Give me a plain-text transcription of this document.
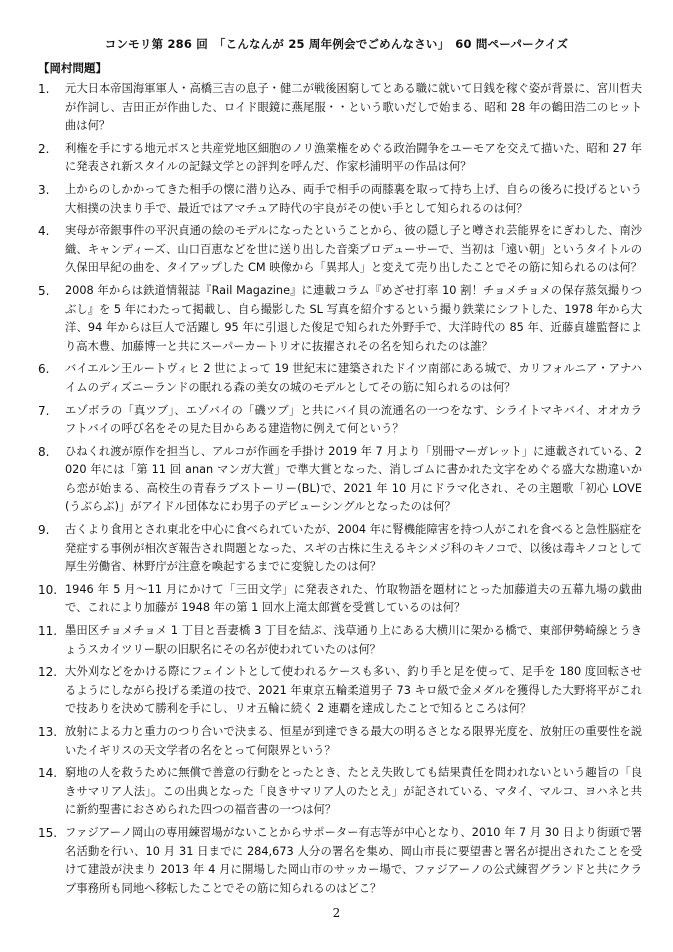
コンモリ第 286 回　「こんなんが 25 周年例会でごめんなさい」　60 問ペーパークイズ
【岡村問題】
1.	元大日本帝国海軍軍人・高橋三吉の息子・健二が戦後困窮してとある職に就いて日銭を稼ぐ姿が背景に、宮川哲夫が作詞し、吉田正が作曲した、ロイド眼鏡に燕尾服・・という歌いだしで始まる、昭和 28 年の鶴田浩二のヒット曲は何？
2.	利権を手にする地元ボスと共産党地区細胞のノリ漁業権をめぐる政治闘争をユーモアを交えて描いた、昭和 27 年に発表され新スタイルの記録文学との評判を呼んだ、作家杉浦明平の作品は何？
3.	上からのしかかってきた相手の懐に潜り込み、両手で相手の両膝裏を取って持ち上げ、自らの後ろに投げるという大相撲の決まり手で、最近ではアマチュア時代の宇良がその使い手として知られるのは何？
4.	実母が帝銀事件の平沢貞通の絵のモデルになったということから、彼の隠し子と噂され芸能界をにぎわした、南沙織、キャンディーズ、山口百恵などを世に送り出した音楽プロデューサーで、当初は「遠い朝」というタイトルの久保田早紀の曲を、タイアップした CM 映像から「異邦人」と変えて売り出したことでその筋に知られるのは何？
5.	2008 年からは鉄道情報誌『Rail Magazine』に連載コラム『めざせ打率 10 割！チョメチョメの保存蒸気撮りつぶし』を 5 年にわたって掲載し、自ら撮影した SL 写真を紹介するという撮り鉄業にシフトした、1978 年から大洋、94 年からは巨人で活躍し 95 年に引退した俊足で知られた外野手で、大洋時代の 85 年、近藤貞雄監督により高木豊、加藤博一と共にスーパーカートリオに抜擢されその名を知られたのは誰？
6.	バイエルン王ルートヴィヒ 2 世によって 19 世紀末に建築されたドイツ南部にある城で、カリフォルニア・アナハイムのディズニーランドの眠れる森の美女の城のモデルとしてその筋に知られるのは何？
7.	エゾボラの「真ツブ」、エゾバイの「磯ツブ」と共にバイ貝の流通名の一つをなす、シライトマキバイ、オオカラフトバイの呼び名をその見た目からある建造物に例えて何という？
8.	ひねくれ渡が原作を担当し、アルコが作画を手掛け 2019 年 7 月より「別冊マーガレット」に連載されている、2020 年には「第 11 回 anan マンガ大賞」で準大賞となった、消しゴムに書かれた文字をめぐる盛大な勘違いから恋が始まる、高校生の青春ラブストーリー(BL)で、2021 年 10 月にドラマ化され、その主題歌「初心 LOVE(うぶらぶ)」がアイドル団体なにわ男子のデビューシングルとなったのは何？
9.	古くより食用とされ東北を中心に食べられていたが、2004 年に腎機能障害を持つ人がこれを食べると急性脳症を発症する事例が相次ぎ報告され問題となった、スギの古株に生えるキシメジ科のキノコで、以後は毒キノコとして厚生労働省、林野庁が注意を喚起するまでに変貌したのは何？
10. 1946 年 5 月～11 月にかけて「三田文学」に発表された、竹取物語を題材にとった加藤道夫の五幕九場の戯曲で、これにより加藤が 1948 年の第 1 回水上滝太郎賞を受賞しているのは何？
11. 墨田区チョメチョメ 1 丁目と吾妻橋 3 丁目を結ぶ、浅草通り上にある大横川に架かる橋で、東部伊勢崎線とうきょうスカイツリー駅の旧駅名にその名が使われていたのは何？
12. 大外刈などをかける際にフェイントとして使われるケースも多い、釣り手と足を使って、足手を 180 度回転させるようにしながら投げる柔道の技で、2021 年東京五輪柔道男子 73 キロ級で金メダルを獲得した大野将平がこれで技ありを決めて勝利を手にし、リオ五輪に続く 2 連覇を達成したことで知るところは何？
13. 放射による力と重力のつり合いで決まる、恒星が到達できる最大の明るさとなる限界光度を、放射圧の重要性を説いたイギリスの天文学者の名をとって何限界という？
14. 窮地の人を救うために無償で善意の行動をとったとき、たとえ失敗しても結果責任を問われないという趣旨の「良きサマリア人法」。この出典となった「良きサマリア人のたとえ」が記されている、マタイ、マルコ、ヨハネと共に新約聖書におさめられた四つの福音書の一つは何？
15. ファジアーノ岡山の専用練習場がないことからサポーター有志等が中心となり、2010 年 7 月 30 日より街頭で署名活動を行い、10 月 31 日までに 284,673 人分の署名を集め、岡山市長に要望書と署名が提出されたことを受けて建設が決まり 2013 年 4 月に開場した岡山市のサッカー場で、ファジアーノの公式練習グランドと共にクラブ事務所も同地へ移転したことでその筋に知られるのはどこ？
2
